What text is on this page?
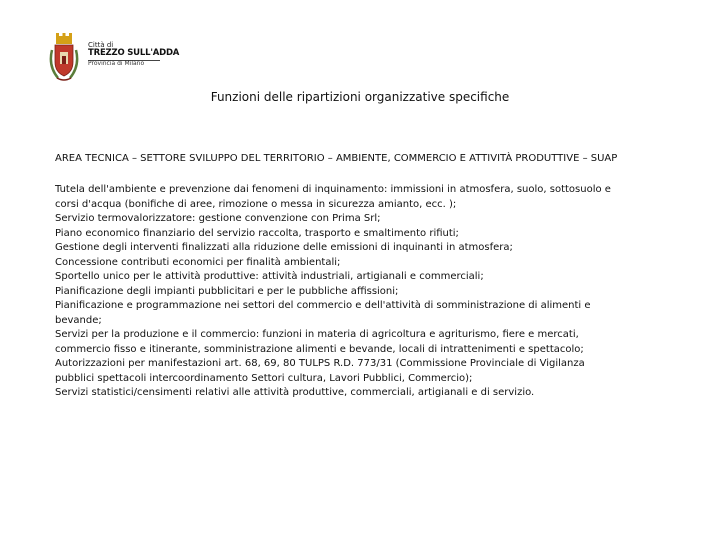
Città di
TREZZO SULL'ADDA
Provincia di Milano
Funzioni delle ripartizioni organizzative specifiche
AREA TECNICA – SETTORE SVILUPPO DEL TERRITORIO – AMBIENTE, COMMERCIO E ATTIVITÀ PRODUTTIVE – SUAP
Tutela dell'ambiente e prevenzione dai fenomeni di inquinamento: immissioni in atmosfera, suolo, sottosuolo e
corsi d'acqua (bonifiche di aree, rimozione o messa in sicurezza amianto, ecc. );
Servizio termovalorizzatore: gestione convenzione con Prima Srl;
Piano economico finanziario del servizio raccolta, trasporto e smaltimento rifiuti;
Gestione degli interventi finalizzati alla riduzione delle emissioni di inquinanti in atmosfera;
Concessione contributi economici per finalità ambientali;
Sportello unico per le attività produttive: attività industriali, artigianali e commerciali;
Pianificazione degli impianti pubblicitari e per le pubbliche affissioni;
Pianificazione e programmazione nei settori del commercio e dell'attività di somministrazione di alimenti e
bevande;
Servizi per la produzione e il commercio: funzioni in materia di agricoltura e agriturismo, fiere e mercati,
commercio fisso e itinerante, somministrazione alimenti e bevande, locali di intrattenimenti e spettacolo;
Autorizzazioni per manifestazioni art. 68, 69, 80 TULPS R.D. 773/31 (Commissione Provinciale di Vigilanza
pubblici spettacoli intercoordinamento Settori cultura, Lavori Pubblici, Commercio);
Servizi statistici/censimenti relativi alle attività produttive, commerciali, artigianali e di servizio.
